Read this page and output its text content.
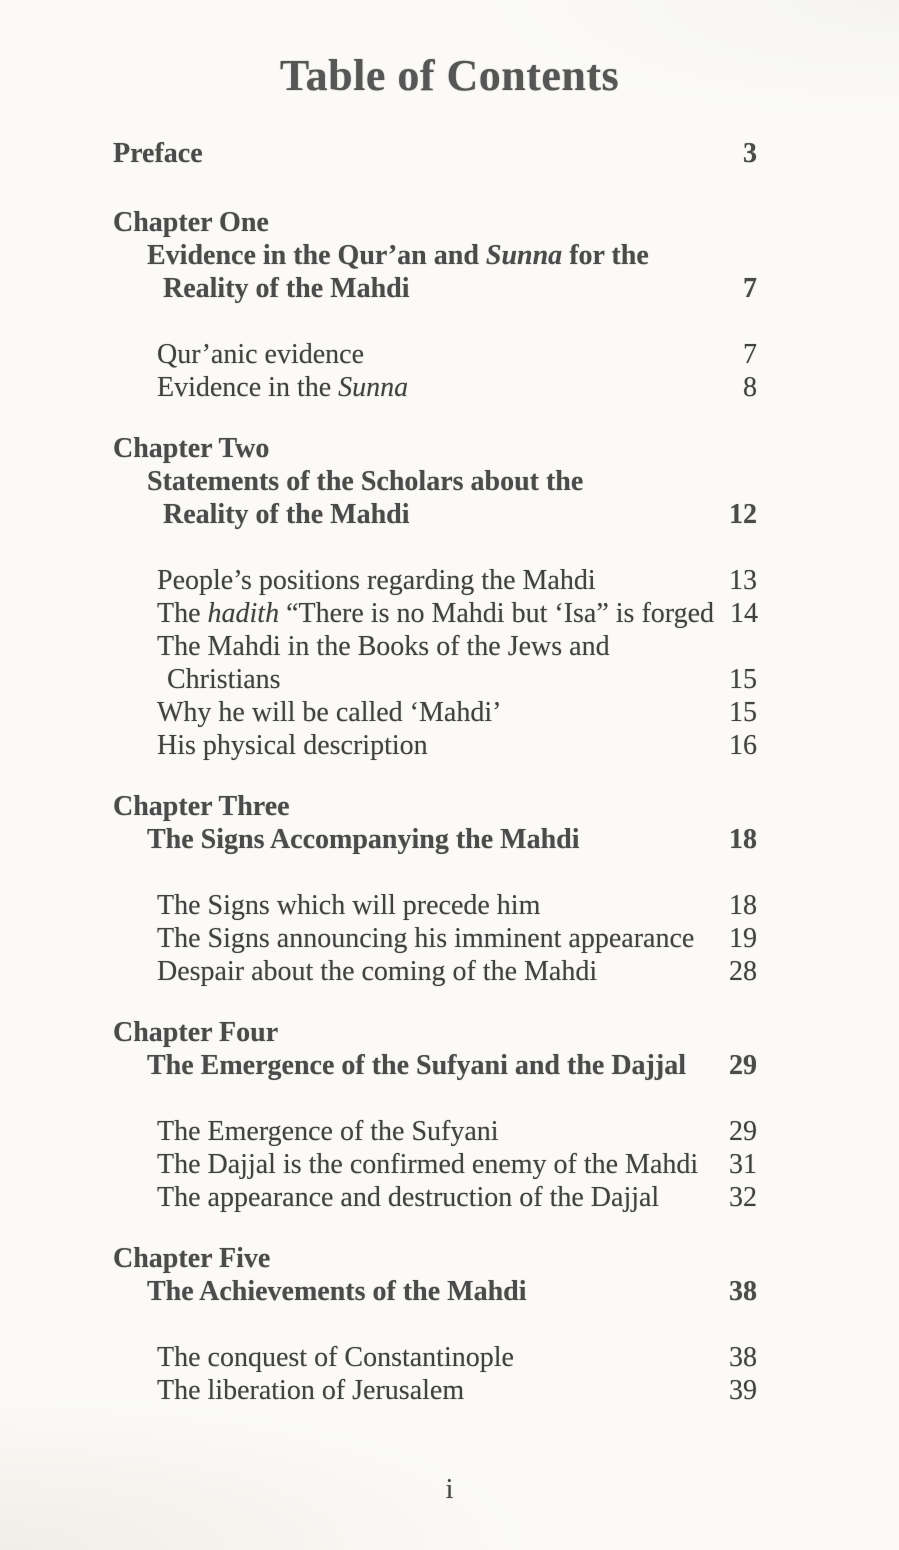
Table of Contents
Preface	3
Chapter One
Evidence in the Qur’an and Sunna for the
Reality of the Mahdi	7
Qur’anic evidence	7
Evidence in the Sunna	8
Chapter Two
Statements of the Scholars about the
Reality of the Mahdi	12
People’s positions regarding the Mahdi	13
The hadith “There is no Mahdi but ‘Isa” is forged 14
The Mahdi in the Books of the Jews and
Christians	15
Why he will be called ‘Mahdi’	15
His physical description	16
Chapter Three
The Signs Accompanying the Mahdi	18
The Signs which will precede him	18
The Signs announcing his imminent appearance	19
Despair about the coming of the Mahdi	28
Chapter Four
The Emergence of the Sufyani and the Dajjal	29
The Emergence of the Sufyani	29
The Dajjal is the confirmed enemy of the Mahdi	31
The appearance and destruction of the Dajjal	32
Chapter Five
The Achievements of the Mahdi	38
The conquest of Constantinople	38
The liberation of Jerusalem	39
i
